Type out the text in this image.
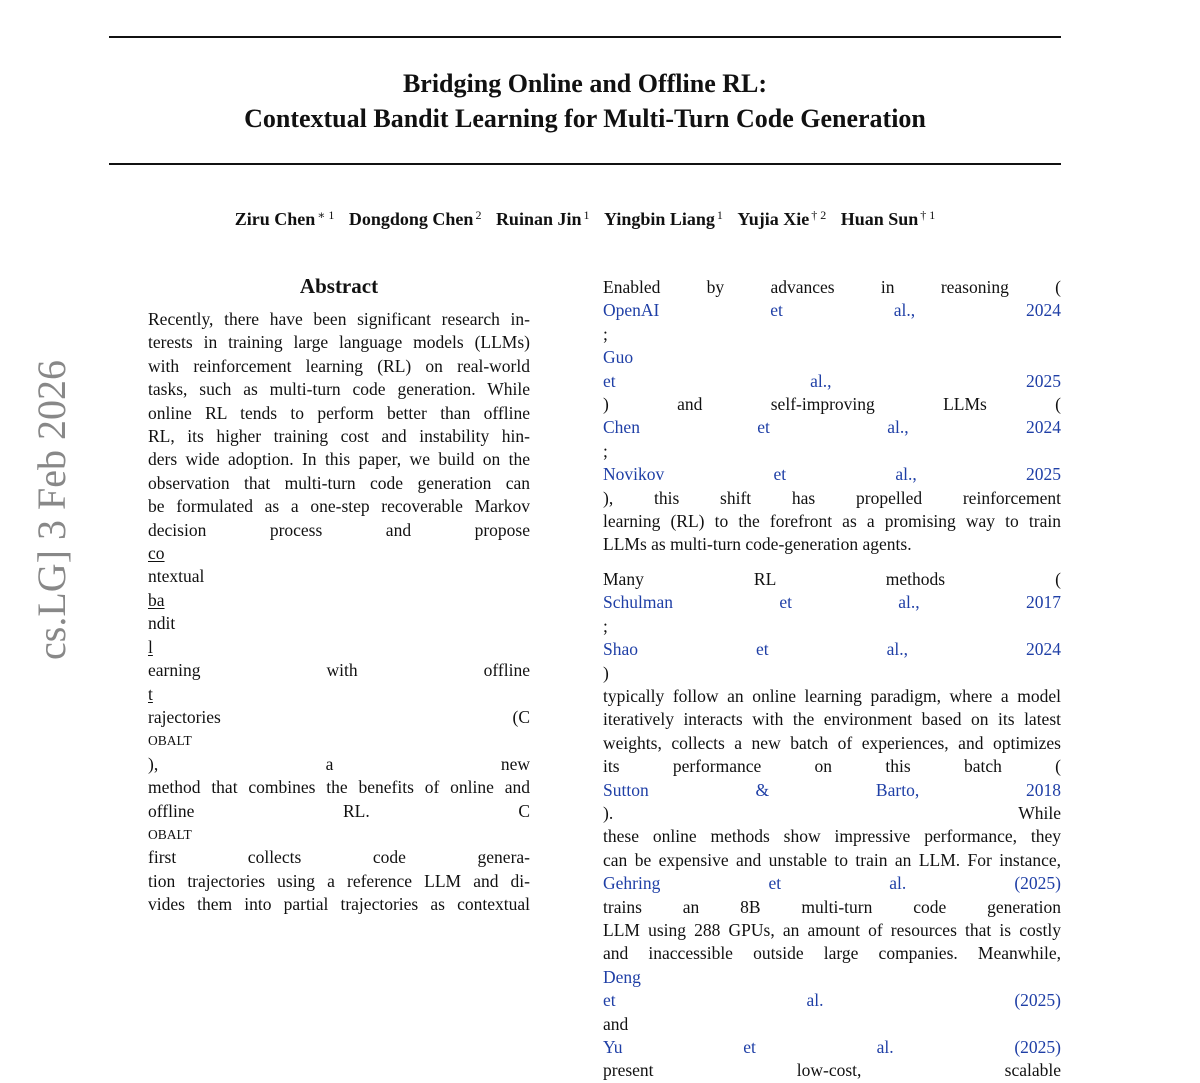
Bridging Online and Offline RL:
Contextual Bandit Learning for Multi-Turn Code Generation
Ziru Chen $^{∗ 1}$ Dongdong Chen $^2$ Ruinan Jin $^1$ Yingbin Liang $^1$ Yujia Xie $^{\dagger 2}$ Huan Sun $^{\dagger 1}$
cs.LG] 3 Feb 2026
Abstract
Recently, there have been significant research in-
terests in training large language models (LLMs)
with reinforcement learning (RL) on real-world
tasks, such as multi-turn code generation. While
online RL tends to perform better than offline
RL, its higher training cost and instability hin-
ders wide adoption. In this paper, we build on the
observation that multi-turn code generation can
be formulated as a one-step recoverable Markov
decision process and propose
co
ntextual
ba
ndit
l
earning with offline
t
rajectories (C
OBALT
), a new
method that combines the benefits of online and
offline RL. C
OBALT
first collects code genera-
tion trajectories using a reference LLM and di-
vides them into partial trajectories as contextual

Enabled by advances in reasoning (
OpenAI et al., 2024
;
Guo
et al., 2025
) and self-improving LLMs (
Chen et al., 2024
;
Novikov et al., 2025
), this shift has propelled reinforcement
learning (RL) to the forefront as a promising way to train
LLMs as multi-turn code-generation agents.

Many RL methods (
Schulman et al., 2017
;
Shao et al., 2024
)
typically follow an online learning paradigm, where a model
iteratively interacts with the environment based on its latest
weights, collects a new batch of experiences, and optimizes
its performance on this batch (
Sutton & Barto, 2018
). While
these online methods show impressive performance, they
can be expensive and unstable to train an LLM. For instance,
Gehring et al. (2025)
trains an 8B multi-turn code generation
LLM using 288 GPUs, an amount of resources that is costly
and inaccessible outside large companies. Meanwhile,
Deng
et al. (2025)
and
Yu et al. (2025)
present low-cost, scalable
